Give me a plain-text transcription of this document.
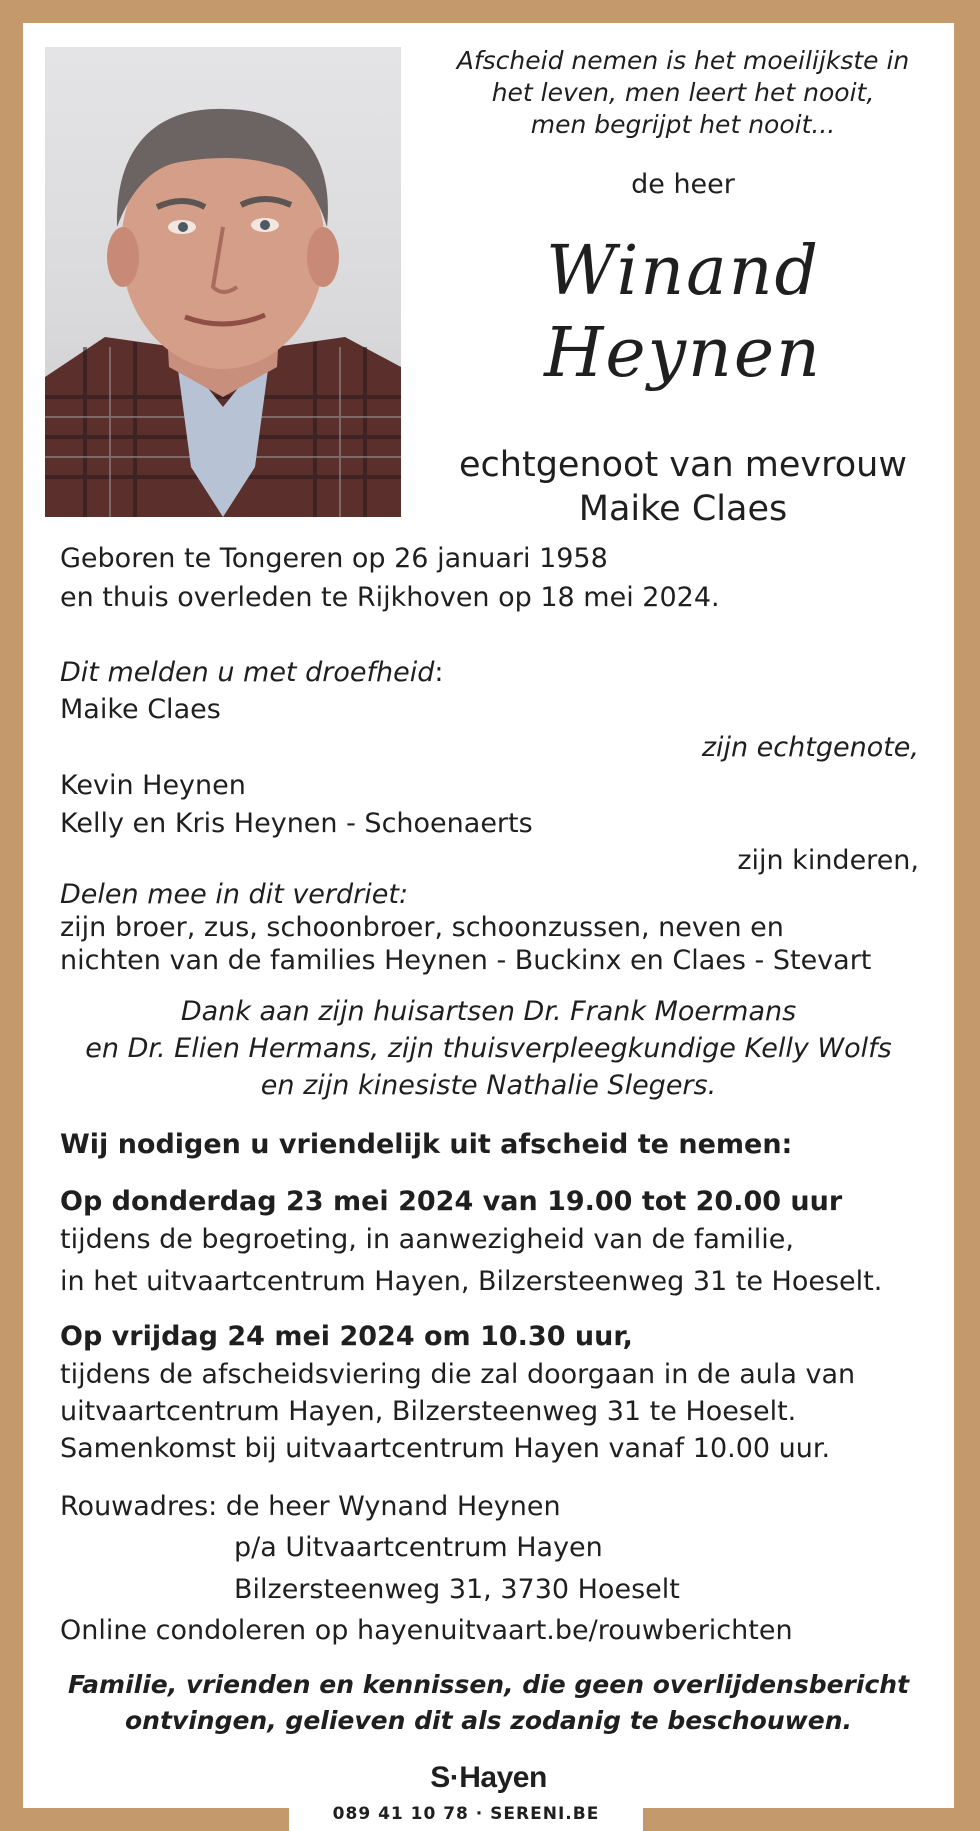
Afscheid nemen is het moeilijkste in
het leven, men leert het nooit,
men begrijpt het nooit...
de heer
Winand
Heynen
echtgenoot van mevrouw
Maike Claes
Geboren te Tongeren op 26 januari 1958
en thuis overleden te Rijkhoven op 18 mei 2024.
Dit melden u met droefheid:
Maike Claes
zijn echtgenote,
Kevin Heynen
Kelly en Kris Heynen - Schoenaerts
zijn kinderen,
Delen mee in dit verdriet:
zijn broer, zus, schoonbroer, schoonzussen, neven en
nichten van de families Heynen - Buckinx en Claes - Stevart
Dank aan zijn huisartsen Dr. Frank Moermans
en Dr. Elien Hermans, zijn thuisverpleegkundige Kelly Wolfs
en zijn kinesiste Nathalie Slegers.
Wij nodigen u vriendelijk uit afscheid te nemen:
Op donderdag 23 mei 2024 van 19.00 tot 20.00 uur
tijdens de begroeting, in aanwezigheid van de familie,
in het uitvaartcentrum Hayen, Bilzersteenweg 31 te Hoeselt.
Op vrijdag 24 mei 2024 om 10.30 uur,
tijdens de afscheidsviering die zal doorgaan in de aula van
uitvaartcentrum Hayen, Bilzersteenweg 31 te Hoeselt.
Samenkomst bij uitvaartcentrum Hayen vanaf 10.00 uur.
Rouwadres: de heer Wynand Heynen
p/a Uitvaartcentrum Hayen
Bilzersteenweg 31, 3730 Hoeselt
Online condoleren op hayenuitvaart.be/rouwberichten
Familie, vrienden en kennissen, die geen overlijdensbericht
ontvingen, gelieven dit als zodanig te beschouwen.
S·Hayen
089 41 10 78 · SERENI.BE
